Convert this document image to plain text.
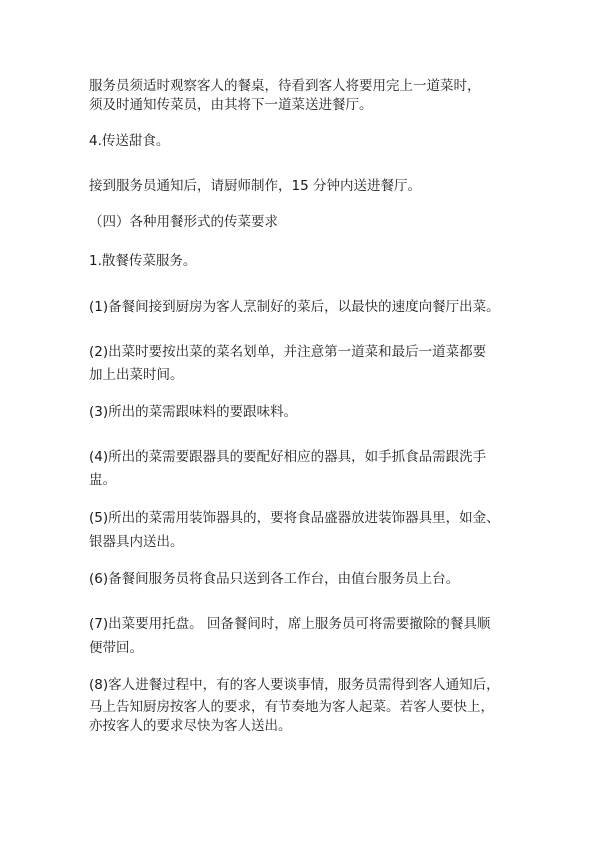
服务员须适时观察客人的餐桌，待看到客人将要用完上一道菜时，

须及时通知传菜员，由其将下一道菜送进餐厅。

4.传送甜食。

接到服务员通知后，请厨师制作，15 分钟内送进餐厅。

（四）各种用餐形式的传菜要求

1.散餐传菜服务。

(1)备餐间接到厨房为客人烹制好的菜后，以最快的速度向餐厅出菜。

(2)出菜时要按出菜的菜名划单，并注意第一道菜和最后一道菜都要

加上出菜时间。

(3)所出的菜需跟味料的要跟味料。

(4)所出的菜需要跟器具的要配好相应的器具，如手抓食品需跟洗手

盅。

(5)所出的菜需用装饰器具的，要将食品盛器放进装饰器具里，如金、

银器具内送出。

(6)备餐间服务员将食品只送到各工作台，由值台服务员上台。

(7)出菜要用托盘。 回备餐间时，席上服务员可将需要撤除的餐具顺

便带回。

(8)客人进餐过程中，有的客人要谈事情，服务员需得到客人通知后，

马上告知厨房按客人的要求，有节奏地为客人起菜。若客人要快上，

亦按客人的要求尽快为客人送出。
